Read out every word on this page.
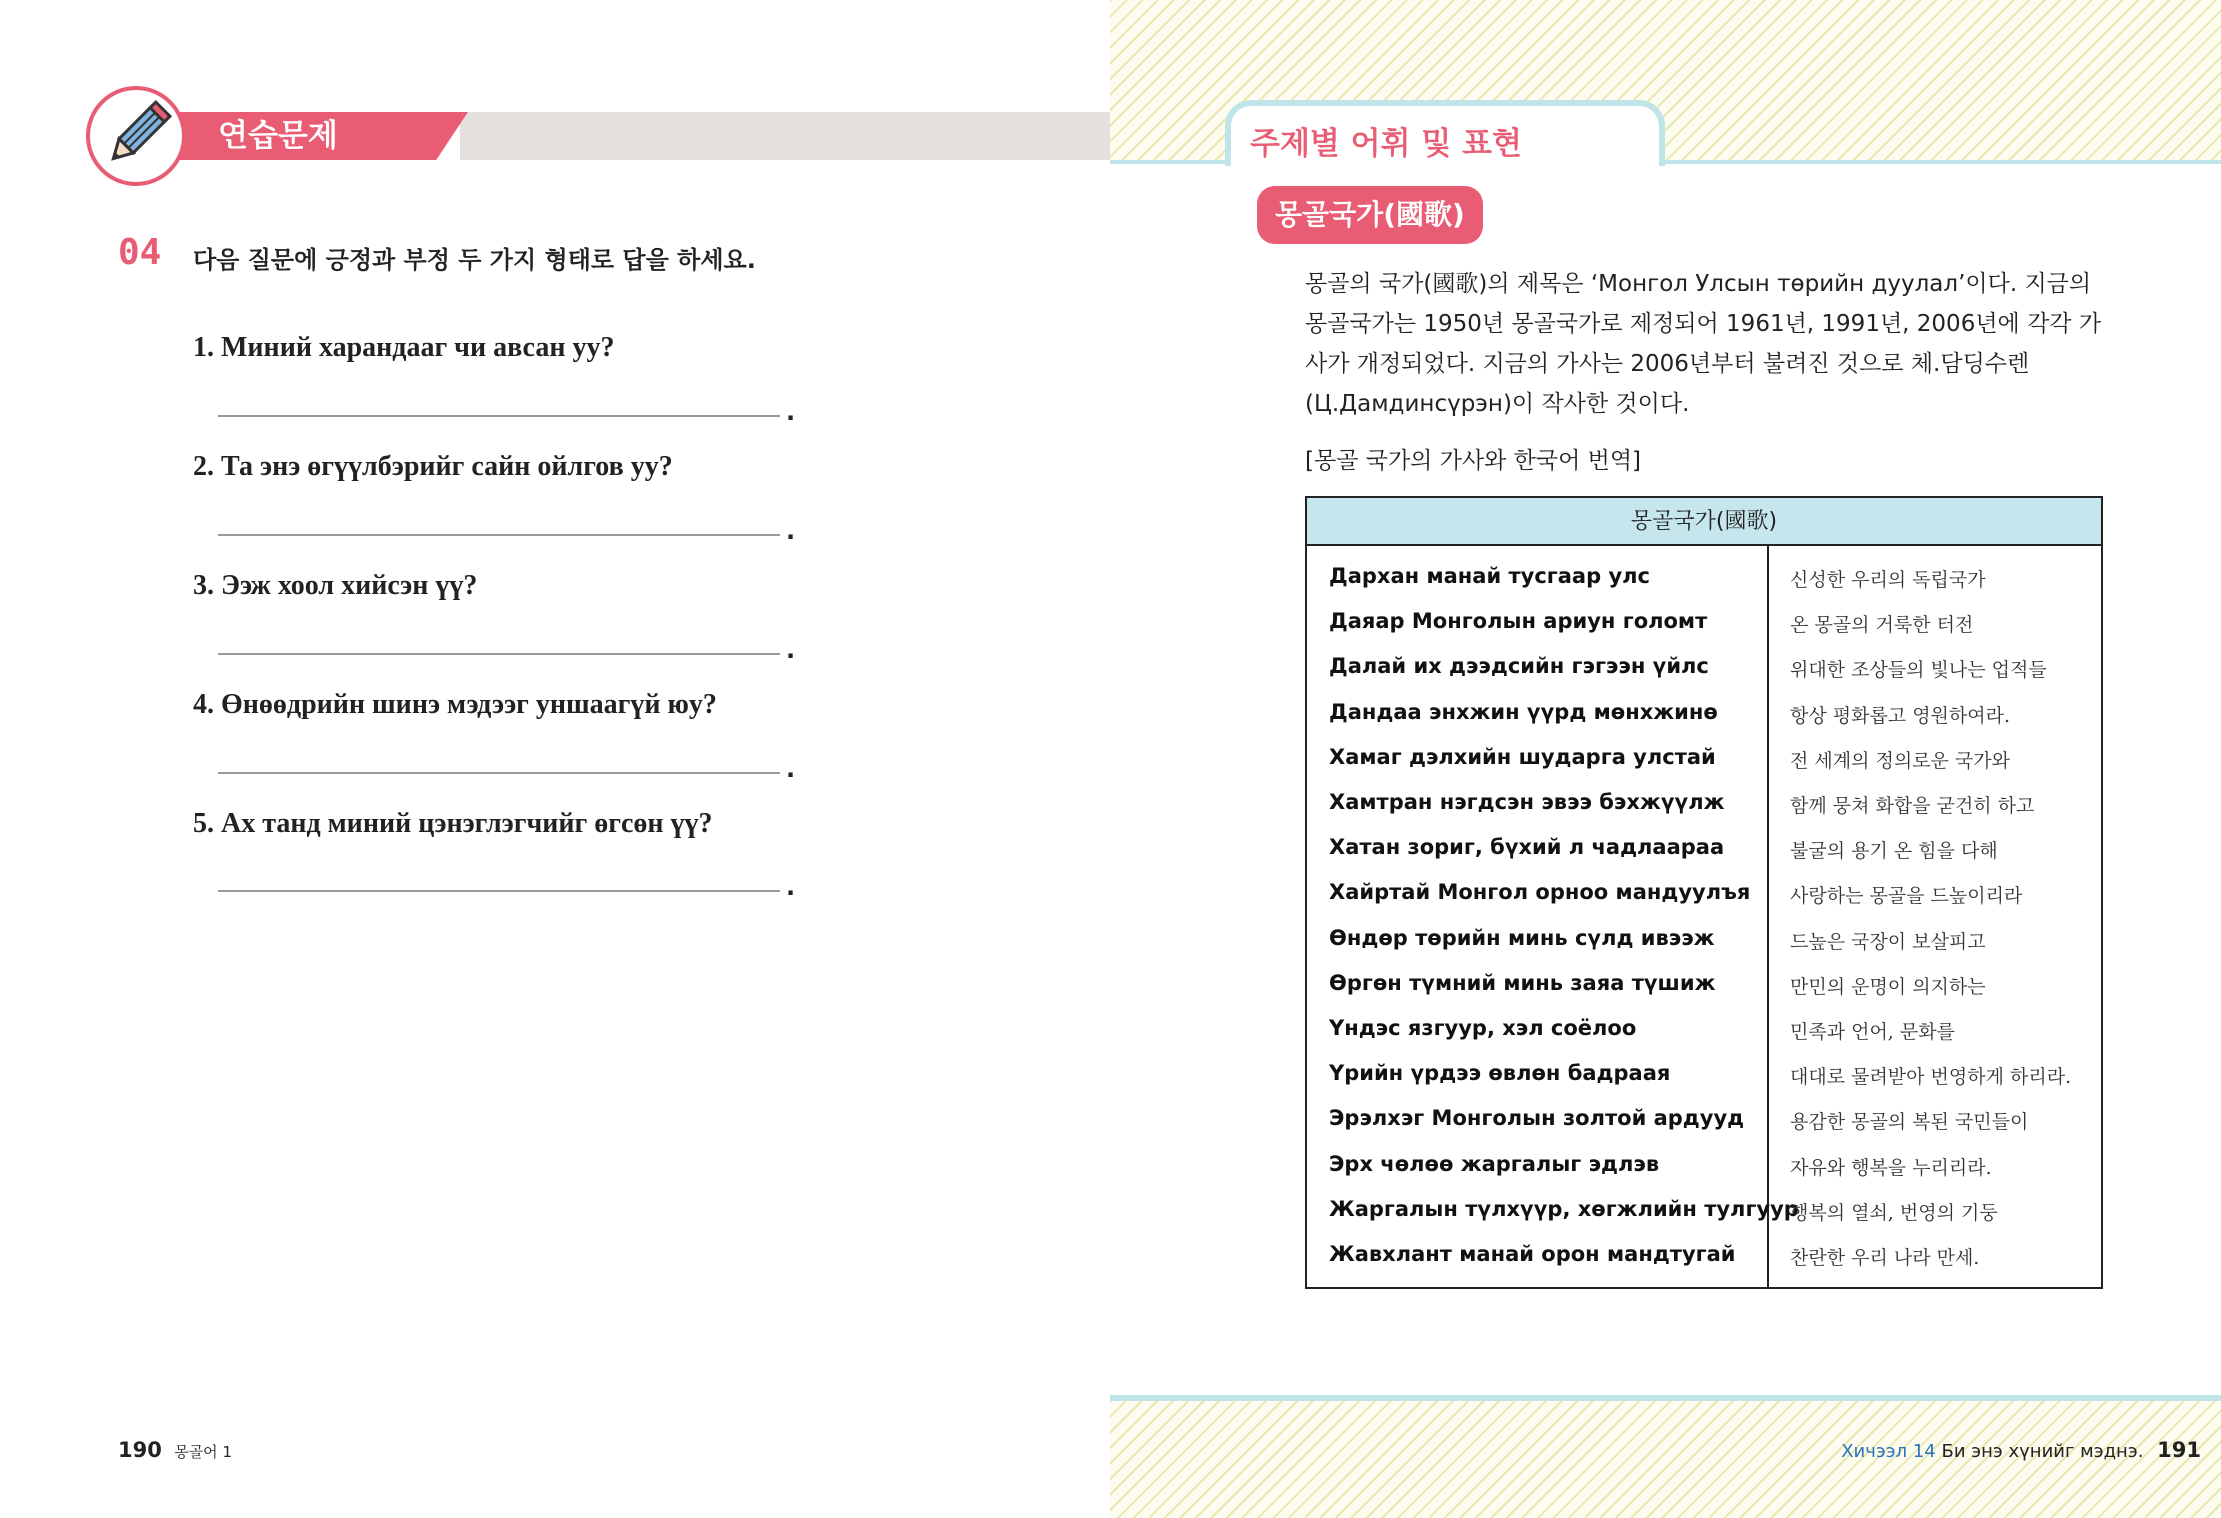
연습문제
04 다음 질문에 긍정과 부정 두 가지 형태로 답을 하세요.
1. Миний харандааг чи авсан уу?
.
2. Та энэ өгүүлбэрийг сайн ойлгов уу?
.
3. Ээж хоол хийсэн үү?
.
4. Өнөөдрийн шинэ мэдээг уншаагүй юу?
.
5. Ах танд миний цэнэглэгчийг өгсөн үү?
.
190 몽골어 1
주제별 어휘 및 표현
몽골국가(國歌)
몽골의 국가(國歌)의 제목은 ‘Монгол Улсын төрийн дуулал’이다. 지금의 몽골국가는 1950년 몽골국가로 제정되어 1961년, 1991년, 2006년에 각각 가사가 개정되었다. 지금의 가사는 2006년부터 불려진 것으로 체.담딩수렌(Ц.Дамдинсүрэн)이 작사한 것이다.
[몽골 국가의 가사와 한국어 번역]
몽골국가(國歌)
Дархан манай тусгаар улс
Даяар Монголын ариун голомт
Далай их дээдсийн гэгээн үйлс
Дандаа энхжин үүрд мөнхжинө
Хамаг дэлхийн шударга улстай
Хамтран нэгдсэн эвээ бэхжүүлж
Хатан зориг, бүхий л чадлаараа
Хайртай Монгол орноо мандуулъя
Өндөр төрийн минь сүлд ивээж
Өргөн түмний минь заяа түшиж
Үндэс язгуур, хэл соёлоо
Үрийн үрдээ өвлөн бадраая
Эрэлхэг Монголын золтой ардууд
Эрх чөлөө жаргалыг эдлэв
Жаргалын түлхүүр, хөгжлийн тулгуур
Жавхлант манай орон мандтугай
신성한 우리의 독립국가
온 몽골의 거룩한 터전
위대한 조상들의 빛나는 업적들
항상 평화롭고 영원하여라.
전 세계의 정의로운 국가와
함께 뭉쳐 화합을 굳건히 하고
불굴의 용기 온 힘을 다해
사랑하는 몽골을 드높이리라
드높은 국장이 보살피고
만민의 운명이 의지하는
민족과 언어, 문화를
대대로 물려받아 번영하게 하리라.
용감한 몽골의 복된 국민들이
자유와 행복을 누리리라.
행복의 열쇠, 번영의 기둥
찬란한 우리 나라 만세.
Хичээл 14 Би энэ хүнийг мэднэ. 191
